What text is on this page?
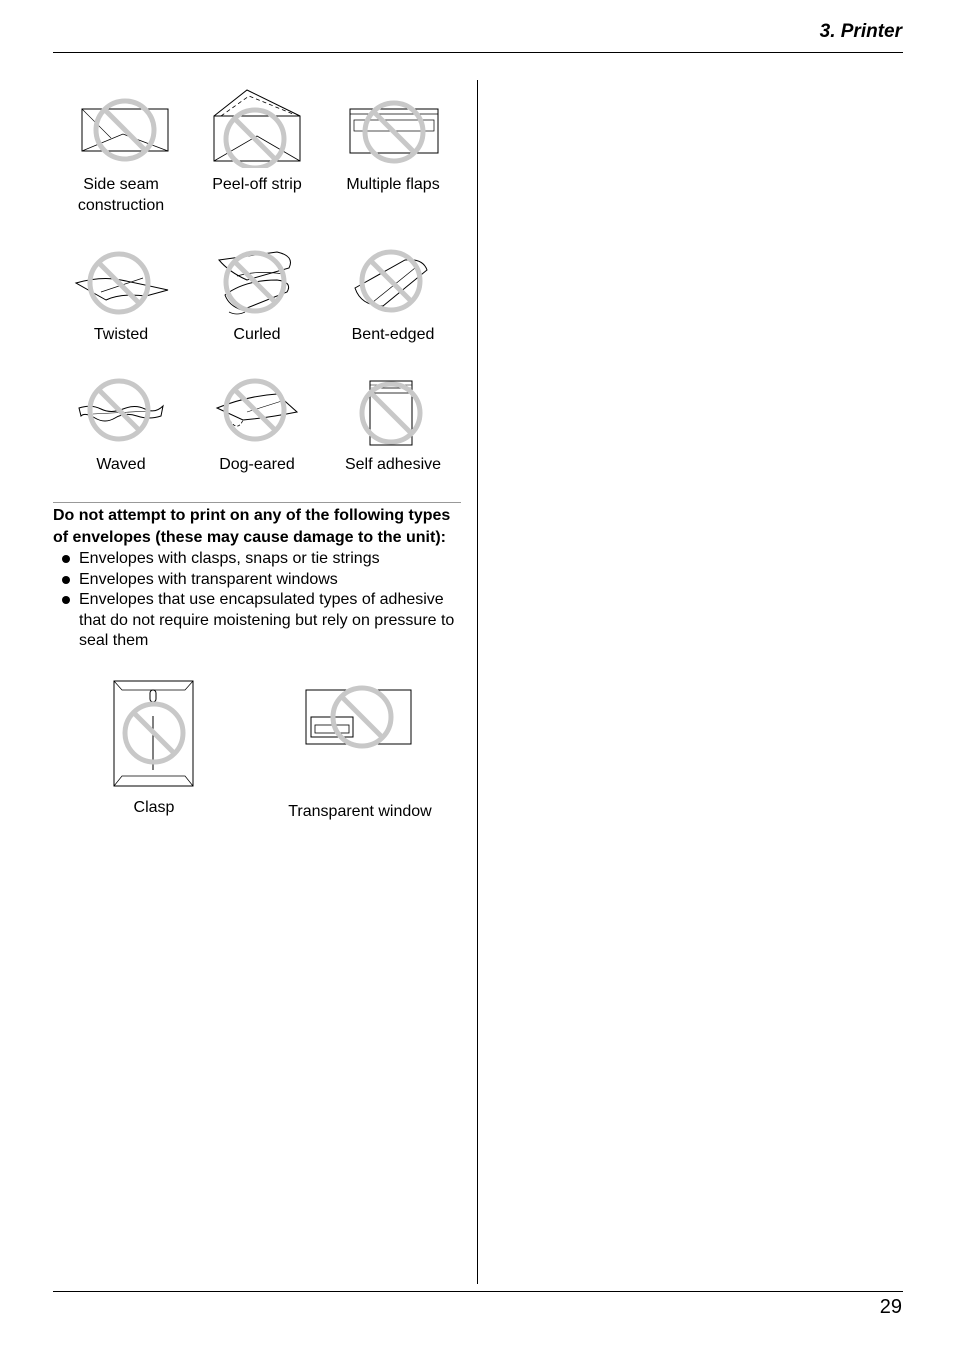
3. Printer
Side seam construction
Peel-off strip	Multiple flaps
Twisted	Curled	Bent-edged
Waved	Dog-eared	Self adhesive
Do not attempt to print on any of the following types of envelopes (these may cause damage to the unit):
Envelopes with clasps, snaps or tie strings
Envelopes with transparent windows
Envelopes that use encapsulated types of adhesive that do not require moistening but rely on pressure to seal them
Clasp	Transparent window
29
